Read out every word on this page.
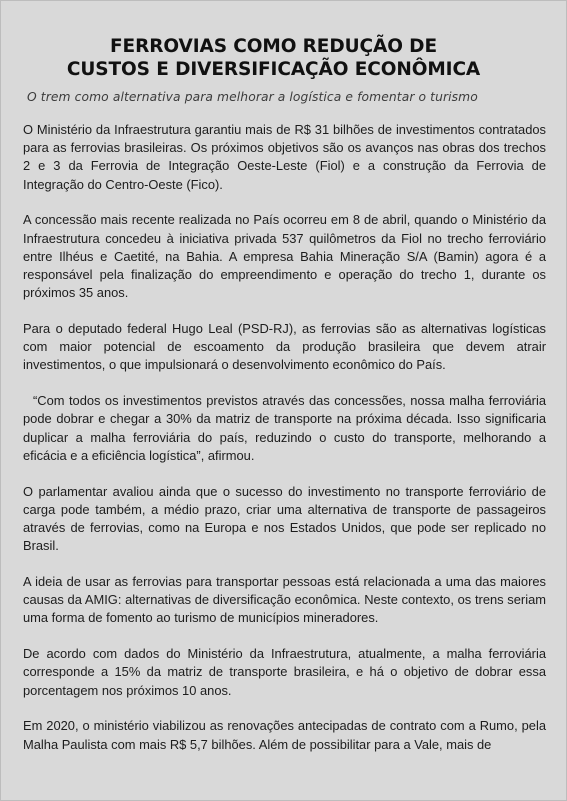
FERROVIAS COMO REDUÇÃO DE
CUSTOS E DIVERSIFICAÇÃO ECONÔMICA

O trem como alternativa para melhorar a logística e fomentar o turismo

O Ministério da Infraestrutura garantiu mais de R$ 31 bilhões de investimentos contratados para as ferrovias brasileiras. Os próximos objetivos são os avanços nas obras dos trechos 2 e 3 da Ferrovia de Integração Oeste-Leste (Fiol) e a construção da Ferrovia de Integração do Centro-Oeste (Fico).

A concessão mais recente realizada no País ocorreu em 8 de abril, quando o Ministério da Infraestrutura concedeu à iniciativa privada 537 quilômetros da Fiol no trecho ferroviário entre Ilhéus e Caetité, na Bahia. A empresa Bahia Mineração S/A (Bamin) agora é a responsável pela finalização do empreendimento e operação do trecho 1, durante os próximos 35 anos.

Para o deputado federal Hugo Leal (PSD-RJ), as ferrovias são as alternativas logísticas com maior potencial de escoamento da produção brasileira que devem atrair investimentos, o que impulsionará o desenvolvimento econômico do País.

“Com todos os investimentos previstos através das concessões, nossa malha ferroviária pode dobrar e chegar a 30% da matriz de transporte na próxima década. Isso significaria duplicar a malha ferroviária do país, reduzindo o custo do transporte, melhorando a eficácia e a eficiência logística”, afirmou.

O parlamentar avaliou ainda que o sucesso do investimento no transporte ferroviário de carga pode também, a médio prazo, criar uma alternativa de transporte de passageiros através de ferrovias, como na Europa e nos Estados Unidos, que pode ser replicado no Brasil.

A ideia de usar as ferrovias para transportar pessoas está relacionada a uma das maiores causas da AMIG: alternativas de diversificação econômica. Neste contexto, os trens seriam uma forma de fomento ao turismo de municípios mineradores.

De acordo com dados do Ministério da Infraestrutura, atualmente, a malha ferroviária corresponde a 15% da matriz de transporte brasileira, e há o objetivo de dobrar essa porcentagem nos próximos 10 anos.

Em 2020, o ministério viabilizou as renovações antecipadas de contrato com a Rumo, pela Malha Paulista com mais R$ 5,7 bilhões. Além de possibilitar para a Vale, mais de
